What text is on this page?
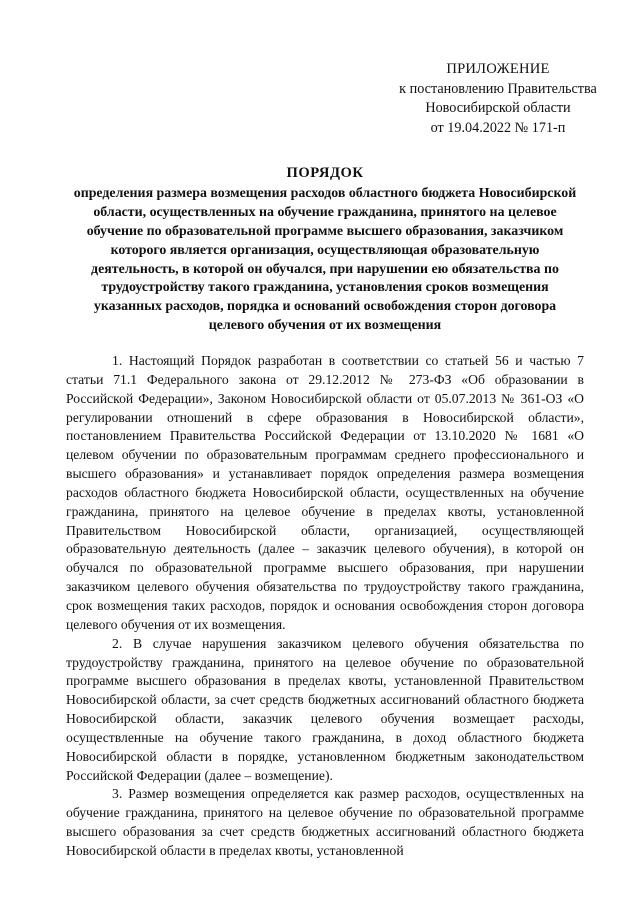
ПРИЛОЖЕНИЕ
к постановлению Правительства
Новосибирской области
от 19.04.2022 № 171-п
ПОРЯДОК
определения размера возмещения расходов областного бюджета Новосибирской области, осуществленных на обучение гражданина, принятого на целевое обучение по образовательной программе высшего образования, заказчиком которого является организация, осуществляющая образовательную деятельность, в которой он обучался, при нарушении ею обязательства по трудоустройству такого гражданина, установления сроков возмещения указанных расходов, порядка и оснований освобождения сторон договора целевого обучения от их возмещения

1. Настоящий Порядок разработан в соответствии со статьей 56 и частью 7 статьи 71.1 Федерального закона от 29.12.2012 № 273-ФЗ «Об образовании в Российской Федерации», Законом Новосибирской области от 05.07.2013 № 361-ОЗ «О регулировании отношений в сфере образования в Новосибирской области», постановлением Правительства Российской Федерации от 13.10.2020 № 1681 «О целевом обучении по образовательным программам среднего профессионального и высшего образования» и устанавливает порядок определения размера возмещения расходов областного бюджета Новосибирской области, осуществленных на обучение гражданина, принятого на целевое обучение в пределах квоты, установленной Правительством Новосибирской области, организацией, осуществляющей образовательную деятельность (далее – заказчик целевого обучения), в которой он обучался по образовательной программе высшего образования, при нарушении заказчиком целевого обучения обязательства по трудоустройству такого гражданина, срок возмещения таких расходов, порядок и основания освобождения сторон договора целевого обучения от их возмещения.

2. В случае нарушения заказчиком целевого обучения обязательства по трудоустройству гражданина, принятого на целевое обучение по образовательной программе высшего образования в пределах квоты, установленной Правительством Новосибирской области, за счет средств бюджетных ассигнований областного бюджета Новосибирской области, заказчик целевого обучения возмещает расходы, осуществленные на обучение такого гражданина, в доход областного бюджета Новосибирской области в порядке, установленном бюджетным законодательством Российской Федерации (далее – возмещение).

3. Размер возмещения определяется как размер расходов, осуществленных на обучение гражданина, принятого на целевое обучение по образовательной программе высшего образования за счет средств бюджетных ассигнований областного бюджета Новосибирской области в пределах квоты, установленной
